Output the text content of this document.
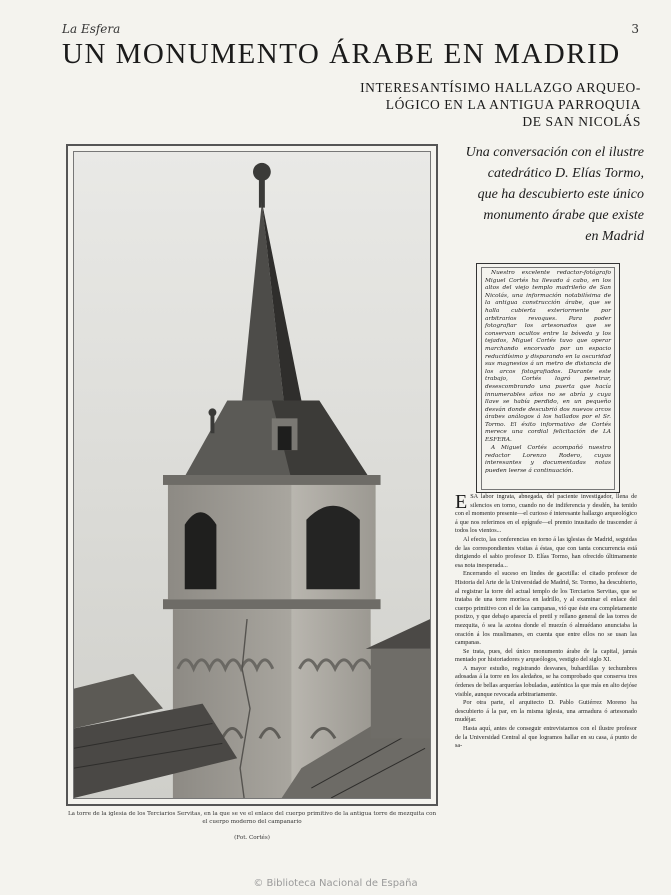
La Esfera	3
UN MONUMENTO ÁRABE EN MADRID
INTERESANTÍSIMO HALLAZGO ARQUEO-
LÓGICO EN LA ANTIGUA PARROQUIA
DE SAN NICOLÁS
Una conversación con el ilustre
catedrático D. Elías Tormo,
que ha descubierto este único
monumento árabe que existe
en Madrid
La torre de la iglesia de los Terciarios Servitas, en la que se ve el enlace del cuerpo primitivo de la antigua torre de mezquita con el cuerpo moderno del campanario
(Fot. Cortés)

Nuestro excelente redactor-fotógrafo Miguel Cortés ha llevado á cabo, en los altos del viejo templo madrileño de San Nicolás, una información notabilísima de la antigua construcción árabe, que se halla cubierta exteriormente por arbitrarios revoques. Para poder fotografiar los artesonados que se conservan ocultos entre la bóveda y los tejados, Miguel Cortés tuvo que operar marchando encorvado por un espacio reducidísimo y disparando en la oscuridad sus magnesios á un metro de distancia de los arcos fotografiados. Durante este trabajo, Cortés logró penetrar, desescombrando una puerta que hacía innumerables años no se abría y cuya llave se había perdido, en un pequeño desván donde descubrió dos nuevos arcos árabes análogos á los hallados por el Sr. Tormo. El éxito informativo de Cortés merece una cordial felicitación de LA ESFERA.

A Miguel Cortés acompañó nuestro redactor Lorenzo Rodero, cuyas interesantes y documentadas notas pueden leerse á continuación.

ESA labor ingrata, abnegada, del paciente investigador, llena de silencios en torno, cuando no de indiferencia y desdén, ha tenido con el momento presente—el curioso é interesante hallazgo arqueológico á que nos referimos en el epígrafe—el premio inusitado de trascender á todos los vientos...

Al efecto, las conferencias en torno á las iglesias de Madrid, seguidas de las correspondientes visitas á éstas, que con tanta concurrencia está dirigiendo el sabio profesor D. Elías Tormo, han ofrecido últimamente esa nota inesperada...

Encerrando el suceso en lindes de gacetilla: el citado profesor de Historia del Arte de la Universidad de Madrid, Sr. Tormo, ha descubierto, al registrar la torre del actual templo de los Terciarios Servitas, que se trataba de una torre morisca en ladrillo, y al examinar el enlace del cuerpo primitivo con el de las campanas, vió que éste era completamente postizo, y que debajo aparecía el pretil y rellano general de las torres de mezquita, ó sea la azotea donde el muezín ó almuédano anunciaba la oración á los muslimanes, en cuenta que entre ellos no se usan las campanas.

Se trata, pues, del único monumento árabe de la capital, jamás mentado por historiadores y arqueólogos, vestigio del siglo XI.

A mayor estudio, registrando desvanes, buhardillas y techumbres adosadas á la torre en los aledaños, se ha comprobado que conserva tres órdenes de bellas arquerías lobuladas, auténtica la que más en alto dejóse visible, aunque revocada arbitrariamente.

Por otra parte, el arquitecto D. Pablo Gutiérrez Moreno ha descubierto á la par, en la misma iglesia, una armadura ó artesonado mudéjar.

Hasta aquí, antes de conseguir entrevistarnos con el ilustre profesor de la Universidad Central al que logramos hallar en su casa, á punto de sa-

© Biblioteca Nacional de España
